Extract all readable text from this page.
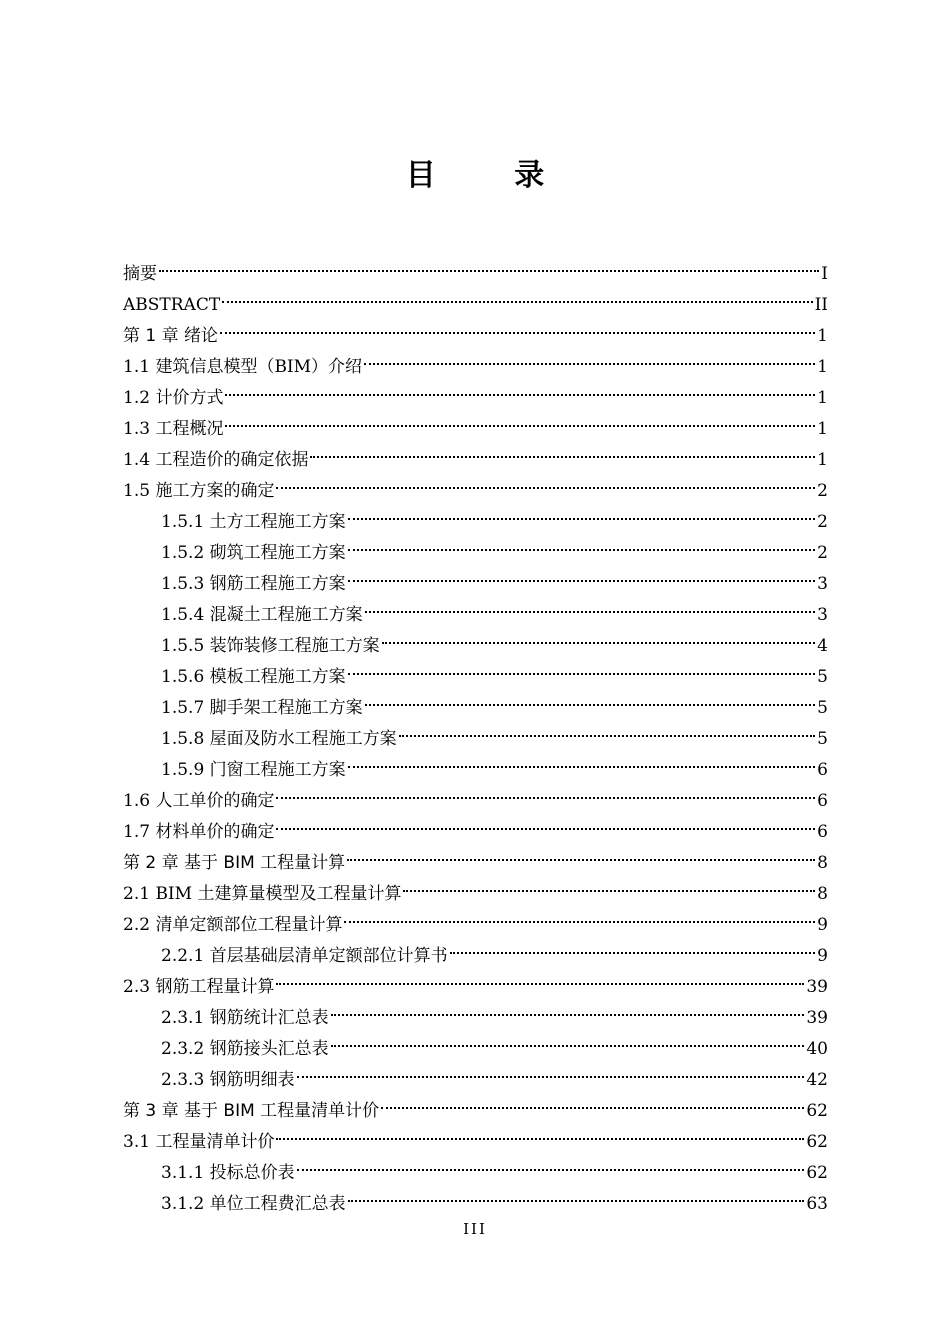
目 录
摘要	I
ABSTRACT	II
第 1 章 绪论	1
1.1 建筑信息模型（BIM）介绍	1
1.2 计价方式	1
1.3 工程概况	1
1.4 工程造价的确定依据	1
1.5 施工方案的确定	2
1.5.1 土方工程施工方案	2
1.5.2 砌筑工程施工方案	2
1.5.3 钢筋工程施工方案	3
1.5.4 混凝土工程施工方案	3
1.5.5 装饰装修工程施工方案	4
1.5.6 模板工程施工方案	5
1.5.7 脚手架工程施工方案	5
1.5.8 屋面及防水工程施工方案	5
1.5.9 门窗工程施工方案	6
1.6 人工单价的确定	6
1.7 材料单价的确定	6
第 2 章 基于 BIM 工程量计算	8
2.1 BIM 土建算量模型及工程量计算	8
2.2 清单定额部位工程量计算	9
2.2.1 首层基础层清单定额部位计算书	9
2.3 钢筋工程量计算	39
2.3.1 钢筋统计汇总表	39
2.3.2 钢筋接头汇总表	40
2.3.3 钢筋明细表	42
第 3 章 基于 BIM 工程量清单计价	62
3.1 工程量清单计价	62
3.1.1 投标总价表	62
3.1.2 单位工程费汇总表	63
III
